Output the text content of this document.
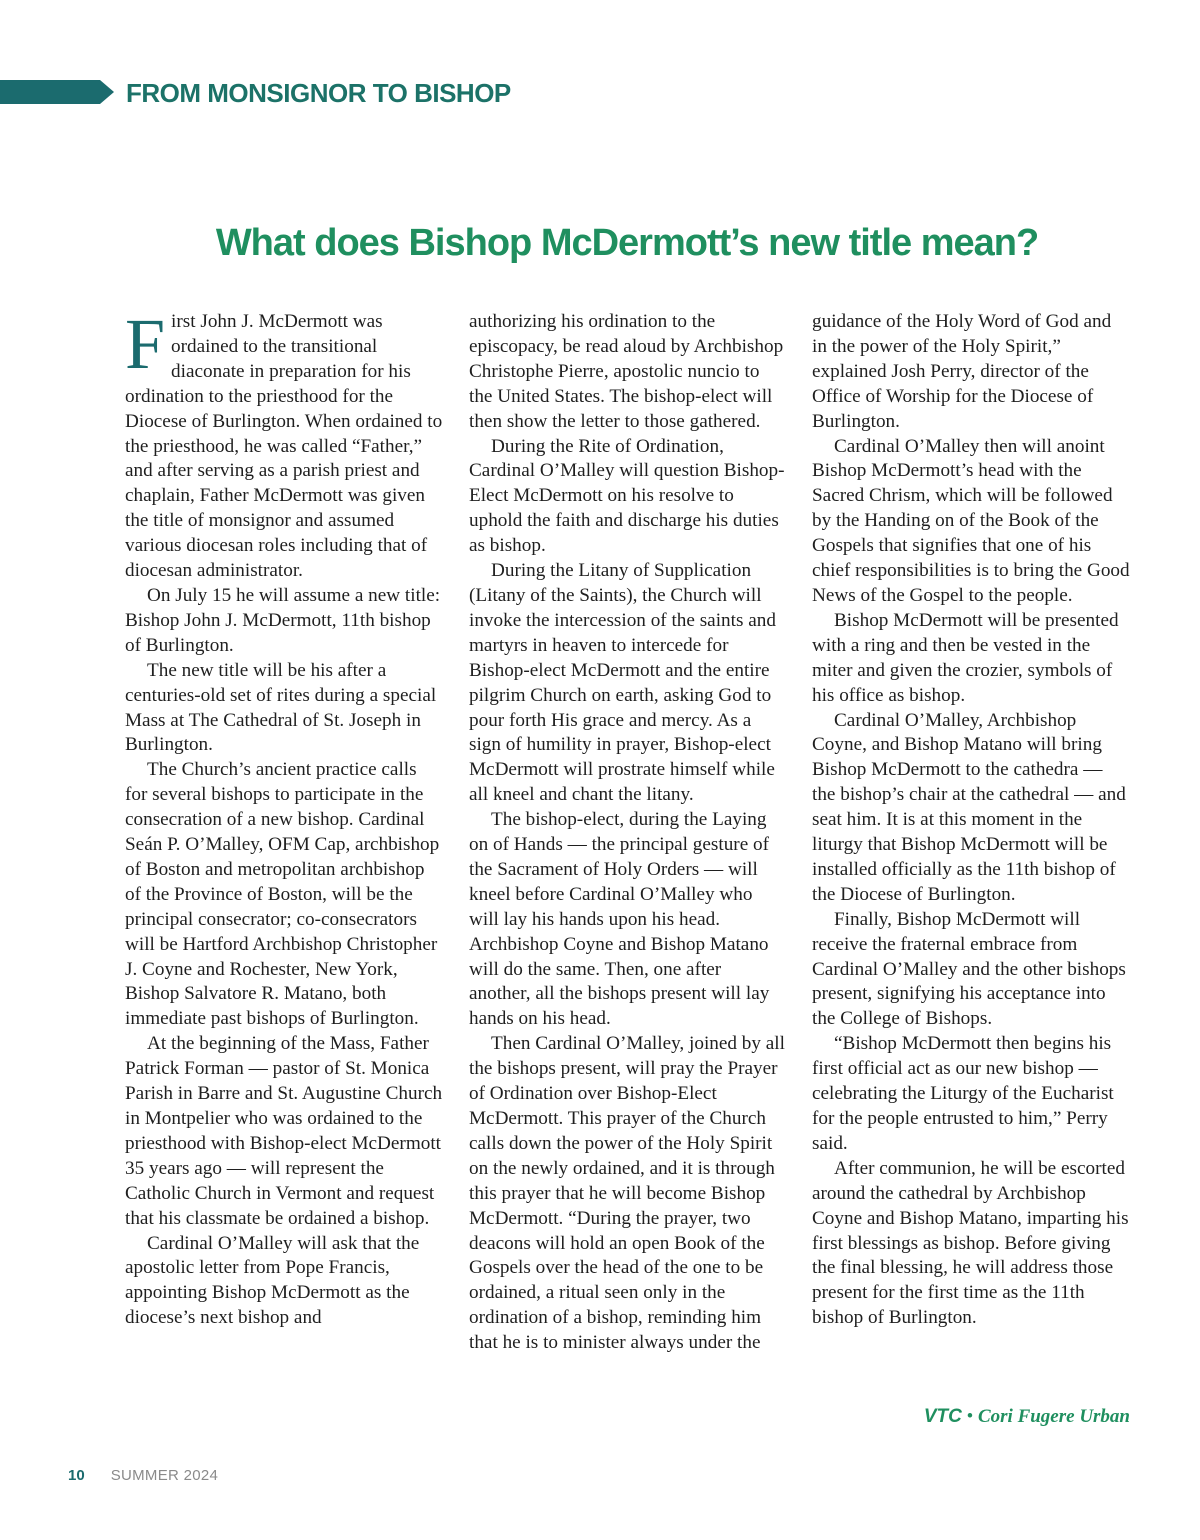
FROM MONSIGNOR TO BISHOP
What does Bishop McDermott’s new title mean?

First John J. McDermott was ordained to the transitional diaconate in preparation for his ordination to the priesthood for the Diocese of Burlington. When ordained to the priesthood, he was called “Father,” and after serving as a parish priest and chaplain, Father McDermott was given the title of monsignor and assumed various diocesan roles including that of diocesan administrator.

On July 15 he will assume a new title: Bishop John J. McDermott, 11th bishop of Burlington.

The new title will be his after a centuries-old set of rites during a special Mass at The Cathedral of St. Joseph in Burlington.

The Church’s ancient practice calls for several bishops to participate in the consecration of a new bishop. Cardinal Seán P. O’Malley, OFM Cap, archbishop of Boston and metropolitan archbishop of the Province of Boston, will be the principal consecrator; co-consecrators will be Hartford Archbishop Christopher J. Coyne and Rochester, New York, Bishop Salvatore R. Matano, both immediate past bishops of Burlington.

At the beginning of the Mass, Father Patrick Forman — pastor of St. Monica Parish in Barre and St. Augustine Church in Montpelier who was ordained to the priesthood with Bishop-elect McDermott 35 years ago — will represent the Catholic Church in Vermont and request that his classmate be ordained a bishop.

Cardinal O’Malley will ask that the apostolic letter from Pope Francis, appointing Bishop McDermott as the diocese’s next bishop and

authorizing his ordination to the episcopacy, be read aloud by Archbishop Christophe Pierre, apostolic nuncio to the United States. The bishop-elect will then show the letter to those gathered.

During the Rite of Ordination, Cardinal O’Malley will question Bishop-Elect McDermott on his resolve to uphold the faith and discharge his duties as bishop.

During the Litany of Supplication (Litany of the Saints), the Church will invoke the intercession of the saints and martyrs in heaven to intercede for Bishop-elect McDermott and the entire pilgrim Church on earth, asking God to pour forth His grace and mercy. As a sign of humility in prayer, Bishop-elect McDermott will prostrate himself while all kneel and chant the litany.

The bishop-elect, during the Laying on of Hands — the principal gesture of the Sacrament of Holy Orders — will kneel before Cardinal O’Malley who will lay his hands upon his head. Archbishop Coyne and Bishop Matano will do the same. Then, one after another, all the bishops present will lay hands on his head.

Then Cardinal O’Malley, joined by all the bishops present, will pray the Prayer of Ordination over Bishop-Elect McDermott. This prayer of the Church calls down the power of the Holy Spirit on the newly ordained, and it is through this prayer that he will become Bishop McDermott. “During the prayer, two deacons will hold an open Book of the Gospels over the head of the one to be ordained, a ritual seen only in the ordination of a bishop, reminding him that he is to minister always under the

guidance of the Holy Word of God and in the power of the Holy Spirit,” explained Josh Perry, director of the Office of Worship for the Diocese of Burlington.

Cardinal O’Malley then will anoint Bishop McDermott’s head with the Sacred Chrism, which will be followed by the Handing on of the Book of the Gospels that signifies that one of his chief responsibilities is to bring the Good News of the Gospel to the people.

Bishop McDermott will be presented with a ring and then be vested in the miter and given the crozier, symbols of his office as bishop.

Cardinal O’Malley, Archbishop Coyne, and Bishop Matano will bring Bishop McDermott to the cathedra — the bishop’s chair at the cathedral — and seat him. It is at this moment in the liturgy that Bishop McDermott will be installed officially as the 11th bishop of the Diocese of Burlington.

Finally, Bishop McDermott will receive the fraternal embrace from Cardinal O’Malley and the other bishops present, signifying his acceptance into the College of Bishops.

“Bishop McDermott then begins his first official act as our new bishop — celebrating the Liturgy of the Eucharist for the people entrusted to him,” Perry said.

After communion, he will be escorted around the cathedral by Archbishop Coyne and Bishop Matano, imparting his first blessings as bishop. Before giving the final blessing, he will address those present for the first time as the 11th bishop of Burlington.

VTC • Cori Fugere Urban
10 SUMMER 2024
